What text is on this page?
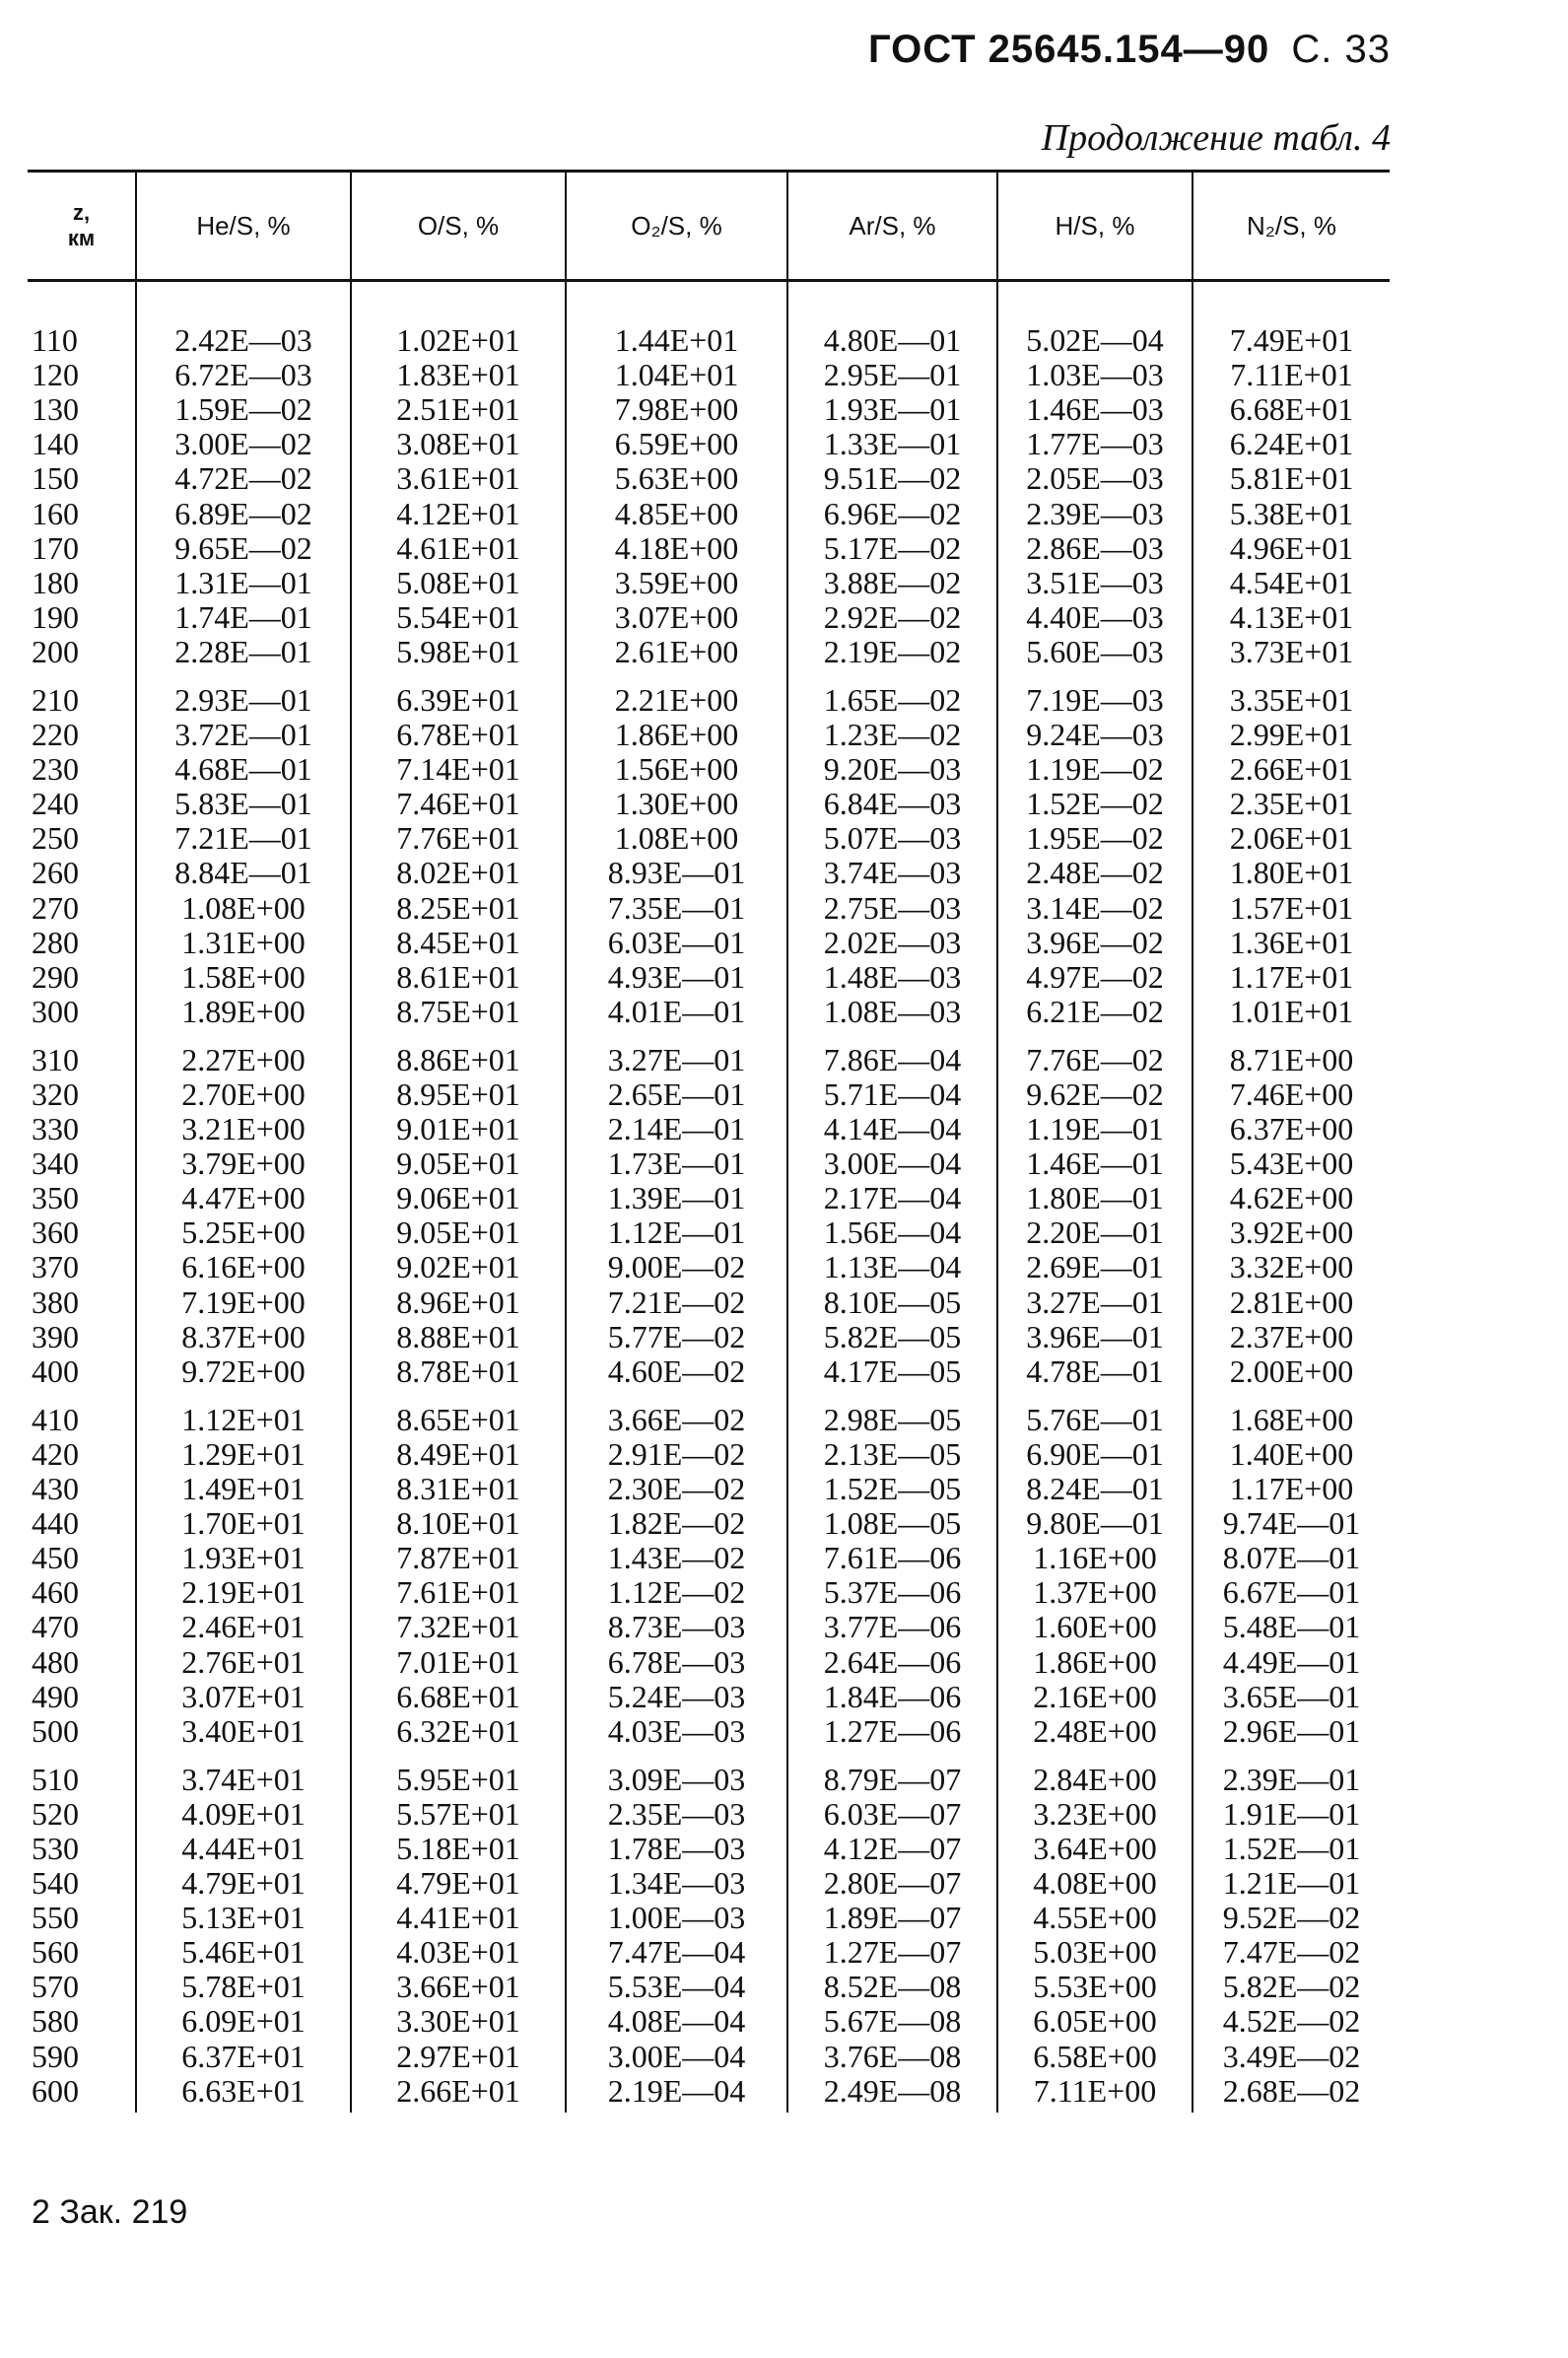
ГОСТ 25645.154—90 С. 33
Продолжение табл. 4
z,
км	He/S, %	O/S, %	O₂/S, %	Ar/S, %	H/S, %	N₂/S, %
110	2.42E—03	1.02E+01	1.44E+01	4.80E—01	5.02E—04	7.49E+01
120	6.72E—03	1.83E+01	1.04E+01	2.95E—01	1.03E—03	7.11E+01
130	1.59E—02	2.51E+01	7.98E+00	1.93E—01	1.46E—03	6.68E+01
140	3.00E—02	3.08E+01	6.59E+00	1.33E—01	1.77E—03	6.24E+01
150	4.72E—02	3.61E+01	5.63E+00	9.51E—02	2.05E—03	5.81E+01
160	6.89E—02	4.12E+01	4.85E+00	6.96E—02	2.39E—03	5.38E+01
170	9.65E—02	4.61E+01	4.18E+00	5.17E—02	2.86E—03	4.96E+01
180	1.31E—01	5.08E+01	3.59E+00	3.88E—02	3.51E—03	4.54E+01
190	1.74E—01	5.54E+01	3.07E+00	2.92E—02	4.40E—03	4.13E+01
200	2.28E—01	5.98E+01	2.61E+00	2.19E—02	5.60E—03	3.73E+01
210	2.93E—01	6.39E+01	2.21E+00	1.65E—02	7.19E—03	3.35E+01
220	3.72E—01	6.78E+01	1.86E+00	1.23E—02	9.24E—03	2.99E+01
230	4.68E—01	7.14E+01	1.56E+00	9.20E—03	1.19E—02	2.66E+01
240	5.83E—01	7.46E+01	1.30E+00	6.84E—03	1.52E—02	2.35E+01
250	7.21E—01	7.76E+01	1.08E+00	5.07E—03	1.95E—02	2.06E+01
260	8.84E—01	8.02E+01	8.93E—01	3.74E—03	2.48E—02	1.80E+01
270	1.08E+00	8.25E+01	7.35E—01	2.75E—03	3.14E—02	1.57E+01
280	1.31E+00	8.45E+01	6.03E—01	2.02E—03	3.96E—02	1.36E+01
290	1.58E+00	8.61E+01	4.93E—01	1.48E—03	4.97E—02	1.17E+01
300	1.89E+00	8.75E+01	4.01E—01	1.08E—03	6.21E—02	1.01E+01
310	2.27E+00	8.86E+01	3.27E—01	7.86E—04	7.76E—02	8.71E+00
320	2.70E+00	8.95E+01	2.65E—01	5.71E—04	9.62E—02	7.46E+00
330	3.21E+00	9.01E+01	2.14E—01	4.14E—04	1.19E—01	6.37E+00
340	3.79E+00	9.05E+01	1.73E—01	3.00E—04	1.46E—01	5.43E+00
350	4.47E+00	9.06E+01	1.39E—01	2.17E—04	1.80E—01	4.62E+00
360	5.25E+00	9.05E+01	1.12E—01	1.56E—04	2.20E—01	3.92E+00
370	6.16E+00	9.02E+01	9.00E—02	1.13E—04	2.69E—01	3.32E+00
380	7.19E+00	8.96E+01	7.21E—02	8.10E—05	3.27E—01	2.81E+00
390	8.37E+00	8.88E+01	5.77E—02	5.82E—05	3.96E—01	2.37E+00
400	9.72E+00	8.78E+01	4.60E—02	4.17E—05	4.78E—01	2.00E+00
410	1.12E+01	8.65E+01	3.66E—02	2.98E—05	5.76E—01	1.68E+00
420	1.29E+01	8.49E+01	2.91E—02	2.13E—05	6.90E—01	1.40E+00
430	1.49E+01	8.31E+01	2.30E—02	1.52E—05	8.24E—01	1.17E+00
440	1.70E+01	8.10E+01	1.82E—02	1.08E—05	9.80E—01	9.74E—01
450	1.93E+01	7.87E+01	1.43E—02	7.61E—06	1.16E+00	8.07E—01
460	2.19E+01	7.61E+01	1.12E—02	5.37E—06	1.37E+00	6.67E—01
470	2.46E+01	7.32E+01	8.73E—03	3.77E—06	1.60E+00	5.48E—01
480	2.76E+01	7.01E+01	6.78E—03	2.64E—06	1.86E+00	4.49E—01
490	3.07E+01	6.68E+01	5.24E—03	1.84E—06	2.16E+00	3.65E—01
500	3.40E+01	6.32E+01	4.03E—03	1.27E—06	2.48E+00	2.96E—01
510	3.74E+01	5.95E+01	3.09E—03	8.79E—07	2.84E+00	2.39E—01
520	4.09E+01	5.57E+01	2.35E—03	6.03E—07	3.23E+00	1.91E—01
530	4.44E+01	5.18E+01	1.78E—03	4.12E—07	3.64E+00	1.52E—01
540	4.79E+01	4.79E+01	1.34E—03	2.80E—07	4.08E+00	1.21E—01
550	5.13E+01	4.41E+01	1.00E—03	1.89E—07	4.55E+00	9.52E—02
560	5.46E+01	4.03E+01	7.47E—04	1.27E—07	5.03E+00	7.47E—02
570	5.78E+01	3.66E+01	5.53E—04	8.52E—08	5.53E+00	5.82E—02
580	6.09E+01	3.30E+01	4.08E—04	5.67E—08	6.05E+00	4.52E—02
590	6.37E+01	2.97E+01	3.00E—04	3.76E—08	6.58E+00	3.49E—02
600	6.63E+01	2.66E+01	2.19E—04	2.49E—08	7.11E+00	2.68E—02
2 Зак. 219
